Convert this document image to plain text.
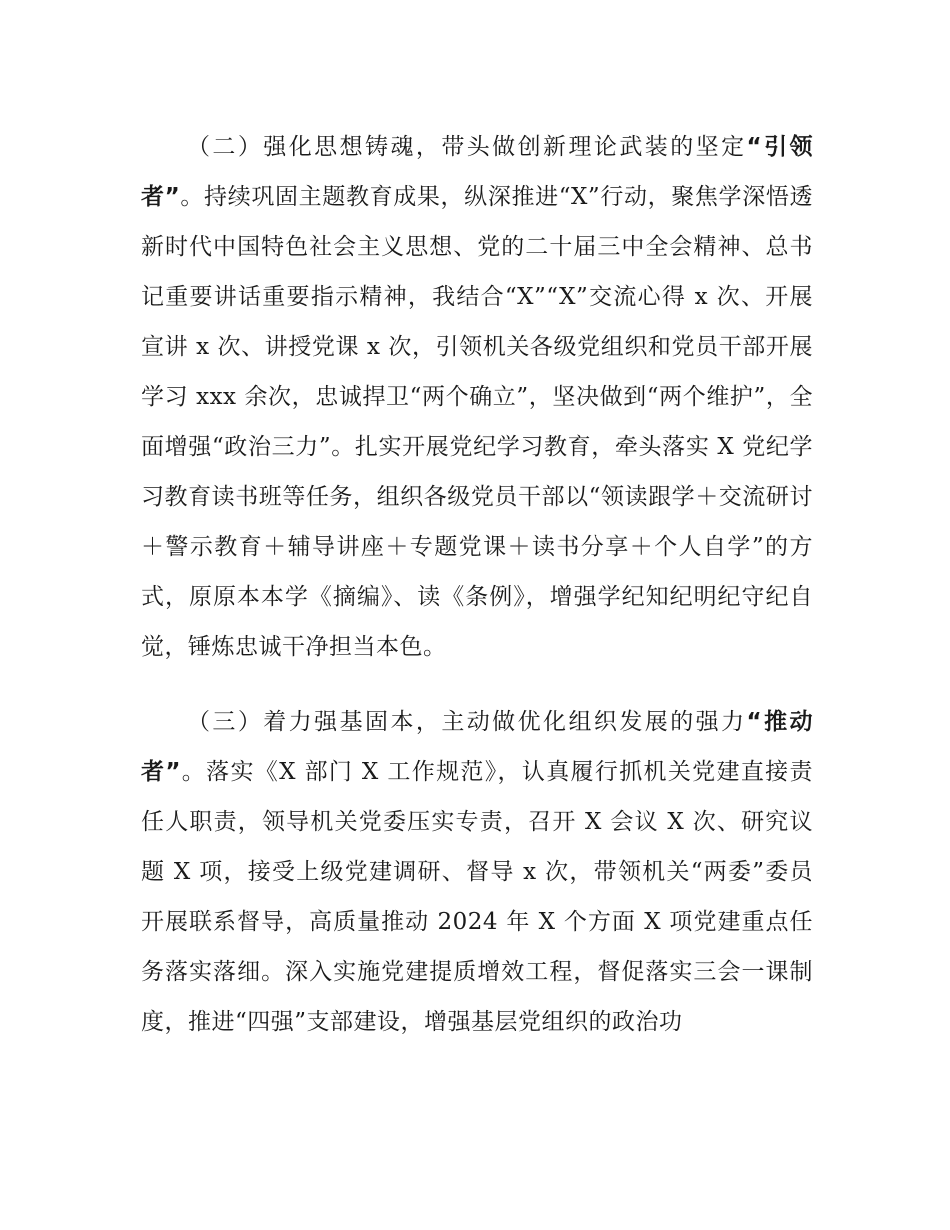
（二）强化思想铸魂，带头做创新理论武装的坚定“引领者”。持续巩固主题教育成果，纵深推进“X”行动，聚焦学深悟透新时代中国特色社会主义思想、党的二十届三中全会精神、总书记重要讲话重要指示精神，我结合“X”“X”交流心得 x 次、开展宣讲 x 次、讲授党课 x 次，引领机关各级党组织和党员干部开展学习 xxx 余次，忠诚捍卫“两个确立”，坚决做到“两个维护”，全面增强“政治三力”。扎实开展党纪学习教育，牵头落实 X 党纪学习教育读书班等任务，组织各级党员干部以“领读跟学＋交流研讨＋警示教育＋辅导讲座＋专题党课＋读书分享＋个人自学”的方式，原原本本学《摘编》、读《条例》，增强学纪知纪明纪守纪自觉，锤炼忠诚干净担当本色。

（三）着力强基固本，主动做优化组织发展的强力“推动者”。落实《X 部门 X 工作规范》，认真履行抓机关党建直接责任人职责，领导机关党委压实专责，召开 X 会议 X 次、研究议题 X 项，接受上级党建调研、督导 x 次，带领机关“两委”委员开展联系督导，高质量推动 2024 年 X 个方面 X 项党建重点任务落实落细。深入实施党建提质增效工程，督促落实三会一课制度，推进“四强”支部建设，增强基层党组织的政治功
